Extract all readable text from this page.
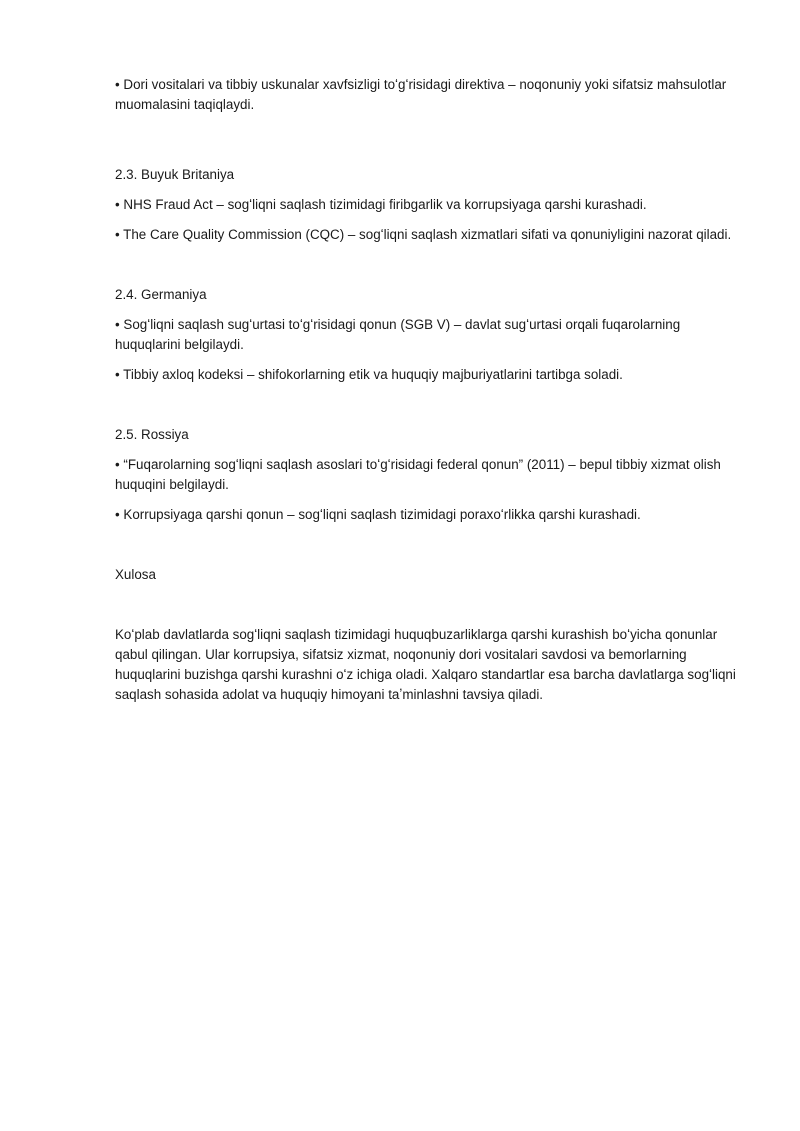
• Dori vositalari va tibbiy uskunalar xavfsizligi toʻgʻrisidagi direktiva – noqonuniy yoki sifatsiz mahsulotlar muomalasini taqiqlaydi.

2.3. Buyuk Britaniya

• NHS Fraud Act – sogʻliqni saqlash tizimidagi firibgarlik va korrupsiyaga qarshi kurashadi.

• The Care Quality Commission (CQC) – sogʻliqni saqlash xizmatlari sifati va qonuniyligini nazorat qiladi.

2.4. Germaniya

• Sogʻliqni saqlash sugʻurtasi toʻgʻrisidagi qonun (SGB V) – davlat sugʻurtasi orqali fuqarolarning huquqlarini belgilaydi.

• Tibbiy axloq kodeksi – shifokorlarning etik va huquqiy majburiyatlarini tartibga soladi.

2.5. Rossiya

• “Fuqarolarning sogʻliqni saqlash asoslari toʻgʻrisidagi federal qonun” (2011) – bepul tibbiy xizmat olish huquqini belgilaydi.

• Korrupsiyaga qarshi qonun – sogʻliqni saqlash tizimidagi poraxoʻrlikka qarshi kurashadi.

Xulosa

Koʻplab davlatlarda sogʻliqni saqlash tizimidagi huquqbuzarliklarga qarshi kurashish boʻyicha qonunlar qabul qilingan. Ular korrupsiya, sifatsiz xizmat, noqonuniy dori vositalari savdosi va bemorlarning huquqlarini buzishga qarshi kurashni oʻz ichiga oladi. Xalqaro standartlar esa barcha davlatlarga sogʻliqni saqlash sohasida adolat va huquqiy himoyani taʼminlashni tavsiya qiladi.
